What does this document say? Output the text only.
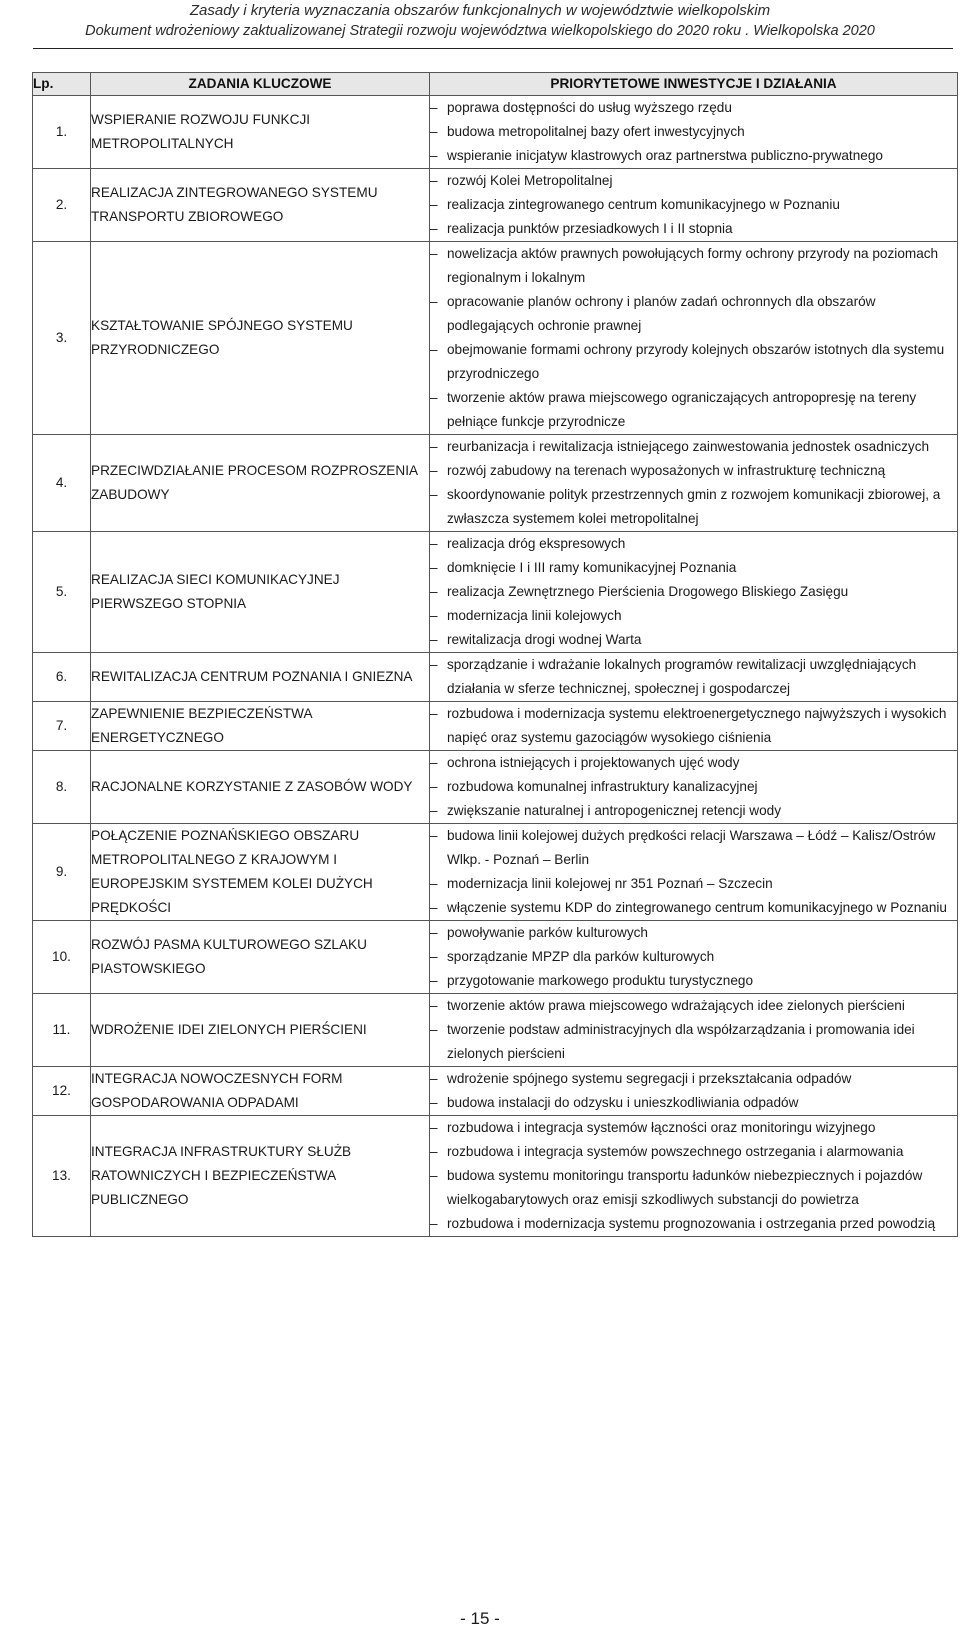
Zasady i kryteria wyznaczania obszarów funkcjonalnych w województwie wielkopolskim
Dokument wdrożeniowy zaktualizowanej Strategii rozwoju województwa wielkopolskiego do 2020 roku . Wielkopolska 2020
Lp.	ZADANIA KLUCZOWE	PRIORYTETOWE INWESTYCJE I DZIAŁANIA
1.	WSPIERANIE ROZWOJU FUNKCJI METROPOLITALNYCH	– poprawa dostępności do usług wyższego rzędu
– budowa metropolitalnej bazy ofert inwestycyjnych
– wspieranie inicjatyw klastrowych oraz partnerstwa publiczno-prywatnego

2.	REALIZACJA ZINTEGROWANEGO SYSTEMU TRANSPORTU ZBIOROWEGO	– rozwój Kolei Metropolitalnej
– realizacja zintegrowanego centrum komunikacyjnego w Poznaniu
– realizacja punktów przesiadkowych I i II stopnia

3.	KSZTAŁTOWANIE SPÓJNEGO SYSTEMU PRZYRODNICZEGO	– nowelizacja aktów prawnych powołujących formy ochrony przyrody na poziomach regionalnym i lokalnym
– opracowanie planów ochrony i planów zadań ochronnych dla obszarów podlegających ochronie prawnej
– obejmowanie formami ochrony przyrody kolejnych obszarów istotnych dla systemu przyrodniczego
– tworzenie aktów prawa miejscowego ograniczających antropopresję na tereny pełniące funkcje przyrodnicze

4.	PRZECIWDZIAŁANIE PROCESOM ROZPROSZENIA ZABUDOWY	– reurbanizacja i rewitalizacja istniejącego zainwestowania jednostek osadniczych
– rozwój zabudowy na terenach wyposażonych w infrastrukturę techniczną
– skoordynowanie polityk przestrzennych gmin z rozwojem komunikacji zbiorowej, a zwłaszcza systemem kolei metropolitalnej

5.	REALIZACJA SIECI KOMUNIKACYJNEJ PIERWSZEGO STOPNIA	– realizacja dróg ekspresowych
– domknięcie I i III ramy komunikacyjnej Poznania
– realizacja Zewnętrznego Pierścienia Drogowego Bliskiego Zasięgu
– modernizacja linii kolejowych
– rewitalizacja drogi wodnej Warta

6.	REWITALIZACJA CENTRUM POZNANIA I GNIEZNA	– sporządzanie i wdrażanie lokalnych programów rewitalizacji uwzględniających działania w sferze technicznej, społecznej i gospodarczej

7.	ZAPEWNIENIE BEZPIECZEŃSTWA ENERGETYCZNEGO	– rozbudowa i modernizacja systemu elektroenergetycznego najwyższych i wysokich napięć oraz systemu gazociągów wysokiego ciśnienia

8.	RACJONALNE KORZYSTANIE Z ZASOBÓW WODY	– ochrona istniejących i projektowanych ujęć wody
– rozbudowa komunalnej infrastruktury kanalizacyjnej
– zwiększanie naturalnej i antropogenicznej retencji wody

9.	POŁĄCZENIE POZNAŃSKIEGO OBSZARU METROPOLITALNEGO Z KRAJOWYM I EUROPEJSKIM SYSTEMEM KOLEI DUŻYCH PRĘDKOŚCI	– budowa linii kolejowej dużych prędkości relacji Warszawa – Łódź – Kalisz/Ostrów Wlkp. - Poznań – Berlin
– modernizacja linii kolejowej nr 351 Poznań – Szczecin
– włączenie systemu KDP do zintegrowanego centrum komunikacyjnego w Poznaniu

10.	ROZWÓJ PASMA KULTUROWEGO SZLAKU PIASTOWSKIEGO	– powoływanie parków kulturowych
– sporządzanie MPZP dla parków kulturowych
– przygotowanie markowego produktu turystycznego

11.	WDROŻENIE IDEI ZIELONYCH PIERŚCIENI	– tworzenie aktów prawa miejscowego wdrażających idee zielonych pierścieni
– tworzenie podstaw administracyjnych dla współzarządzania i promowania idei zielonych pierścieni

12.	INTEGRACJA NOWOCZESNYCH FORM GOSPODAROWANIA ODPADAMI	– wdrożenie spójnego systemu segregacji i przekształcania odpadów
– budowa instalacji do odzysku i unieszkodliwiania odpadów

13.	INTEGRACJA INFRASTRUKTURY SŁUŻB RATOWNICZYCH I BEZPIECZEŃSTWA PUBLICZNEGO	– rozbudowa i integracja systemów łączności oraz monitoringu wizyjnego
– rozbudowa i integracja systemów powszechnego ostrzegania i alarmowania
– budowa systemu monitoringu transportu ładunków niebezpiecznych i pojazdów wielkogabarytowych oraz emisji szkodliwych substancji do powietrza
– rozbudowa i modernizacja systemu prognozowania i ostrzegania przed powodzią
- 15 -
